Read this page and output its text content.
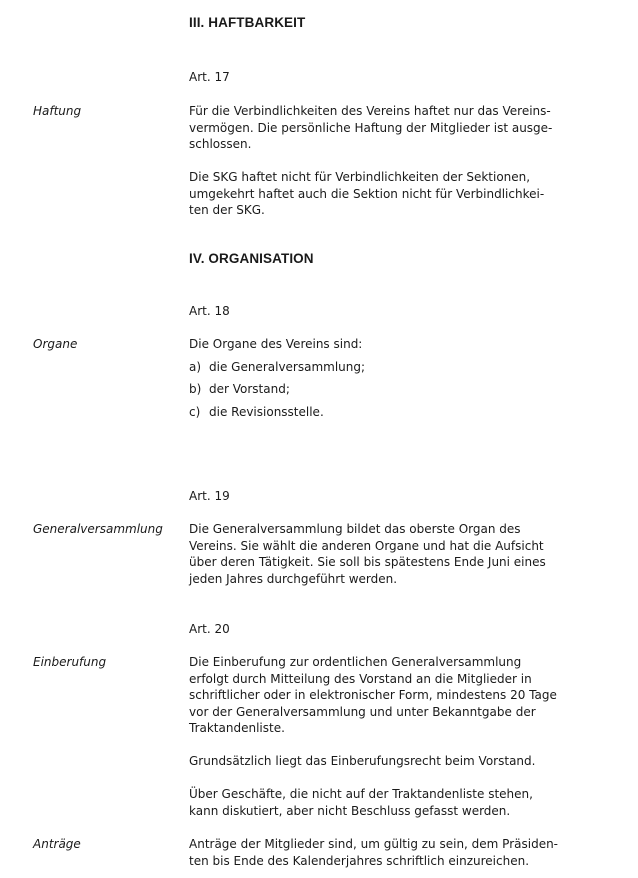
III. HAFTBARKEIT
Art. 17
Haftung	Für die Verbindlichkeiten des Vereins haftet nur das Vereins-
vermögen. Die persönliche Haftung der Mitglieder ist ausge-
schlossen.
Die SKG haftet nicht für Verbindlichkeiten der Sektionen,
umgekehrt haftet auch die Sektion nicht für Verbindlichkei-
ten der SKG.
IV. ORGANISATION
Art. 18
Organe	Die Organe des Vereins sind:
a) die Generalversammlung;
b) der Vorstand;
c) die Revisionsstelle.
Art. 19
Generalversammlung Die Generalversammlung bildet das oberste Organ des
Vereins. Sie wählt die anderen Organe und hat die Aufsicht
über deren Tätigkeit. Sie soll bis spätestens Ende Juni eines
jeden Jahres durchgeführt werden.
Art. 20
Einberufung	Die Einberufung zur ordentlichen Generalversammlung
erfolgt durch Mitteilung des Vorstand an die Mitglieder in
schriftlicher oder in elektronischer Form, mindestens 20 Tage
vor der Generalversammlung und unter Bekanntgabe der
Traktandenliste.
Grundsätzlich liegt das Einberufungsrecht beim Vorstand.
Über Geschäfte, die nicht auf der Traktandenliste stehen,
kann diskutiert, aber nicht Beschluss gefasst werden.
Anträge	Anträge der Mitglieder sind, um gültig zu sein, dem Präsiden-
ten bis Ende des Kalenderjahres schriftlich einzureichen.
